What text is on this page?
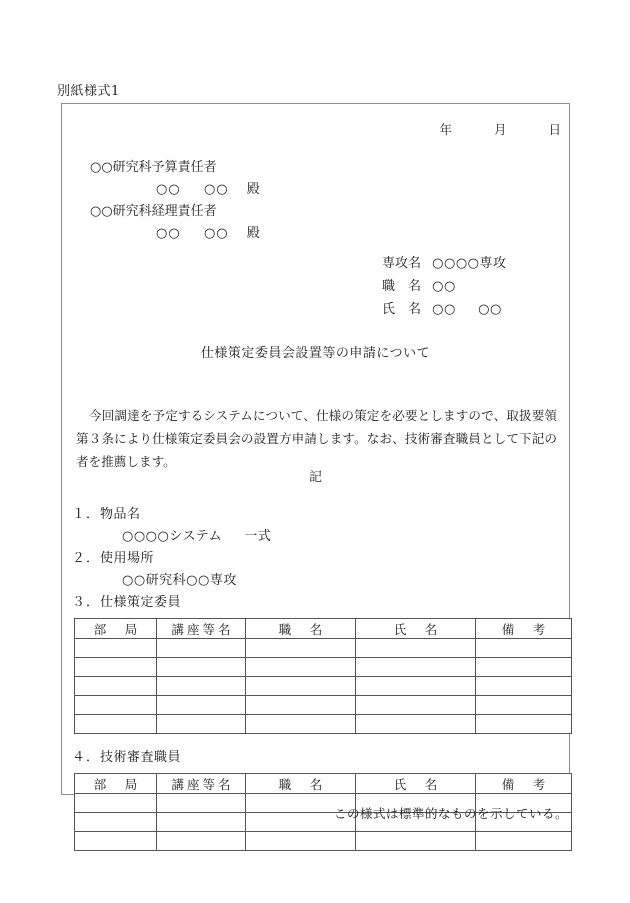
別紙様式1
年	月	日
○○研究科予算責任者
○○ ○○ 殿
○○研究科経理責任者
○○ ○○ 殿
専攻名 ○○○○専攻
職　名 ○○
氏　名 ○○ ○○
仕様策定委員会設置等の申請について
今回調達を予定するシステムについて、仕様の策定を必要としますので、取扱要領第３条により仕様策定委員会の設置方申請します。なお、技術審査職員として下記の者を推薦します。
記
１．物品名
○○○○システム 一式
２．使用場所
○○研究科○○専攻
３．仕様策定委員
部　局	講座等名	職　名	氏　名	備　考

４．技術審査職員
部　局	講座等名	職　名	氏　名	備　考

この様式は標準的なものを示している。
